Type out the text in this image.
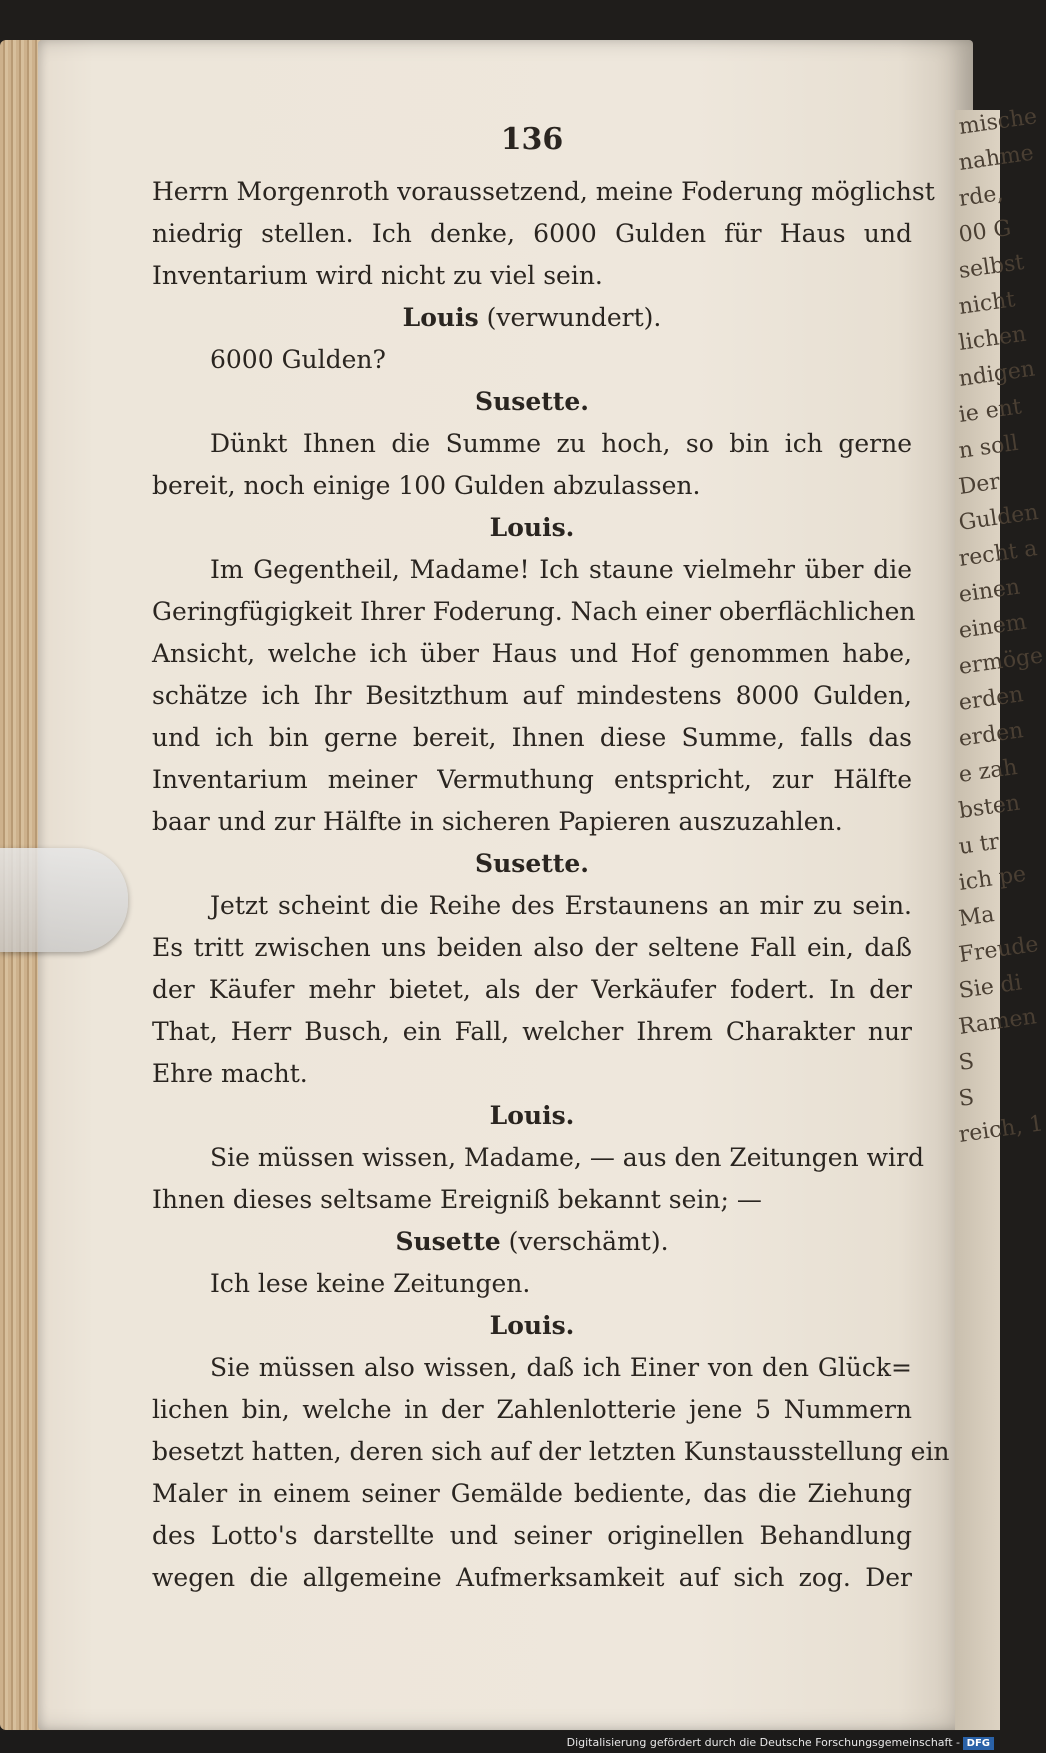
mische
nahme
rde,
00 G
selbst
nicht
lichen
ndigen
ie ent
n soll
Der
Gulden
recht a
einen
einem
ermöge
erden
erden
e zah
bsten
u tr
ich pe
Ma
Freude
Sie di
Ramen
S
S
reich, 1
136
Herrn Morgenroth voraussetzend, meine Foderung möglichst
niedrig stellen. Ich denke, 6000 Gulden für Haus und
Inventarium wird nicht zu viel sein.
Louis (verwundert).
6000 Gulden?
Susette.
Dünkt Ihnen die Summe zu hoch, so bin ich gerne
bereit, noch einige 100 Gulden abzulassen.
Louis.
Im Gegentheil, Madame! Ich staune vielmehr über die
Geringfügigkeit Ihrer Foderung. Nach einer oberflächlichen
Ansicht, welche ich über Haus und Hof genommen habe,
schätze ich Ihr Besitzthum auf mindestens 8000 Gulden,
und ich bin gerne bereit, Ihnen diese Summe, falls das
Inventarium meiner Vermuthung entspricht, zur Hälfte
baar und zur Hälfte in sicheren Papieren auszuzahlen.
Susette.
Jetzt scheint die Reihe des Erstaunens an mir zu sein.
Es tritt zwischen uns beiden also der seltene Fall ein, daß
der Käufer mehr bietet, als der Verkäufer fodert. In der
That, Herr Busch, ein Fall, welcher Ihrem Charakter nur
Ehre macht.
Louis.
Sie müssen wissen, Madame, — aus den Zeitungen wird
Ihnen dieses seltsame Ereigniß bekannt sein; —
Susette (verschämt).
Ich lese keine Zeitungen.
Louis.
Sie müssen also wissen, daß ich Einer von den Glück=
lichen bin, welche in der Zahlenlotterie jene 5 Nummern
besetzt hatten, deren sich auf der letzten Kunstausstellung ein
Maler in einem seiner Gemälde bediente, das die Ziehung
des Lotto's darstellte und seiner originellen Behandlung
wegen die allgemeine Aufmerksamkeit auf sich zog. Der
Digitalisierung gefördert durch die Deutsche Forschungsgemeinschaft - DFG
